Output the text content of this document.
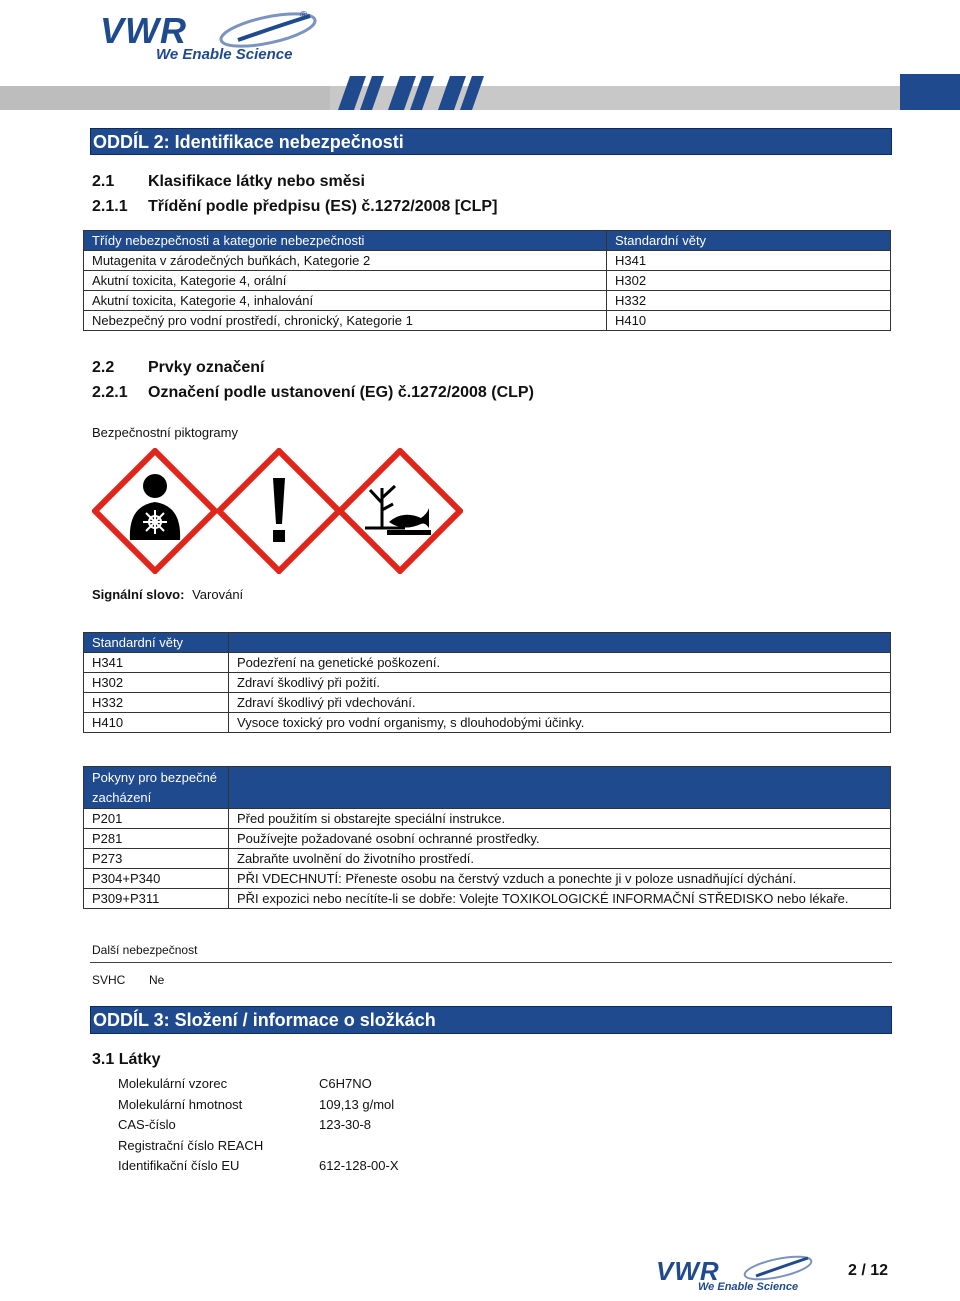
VWR	®
We Enable Science
ODDÍL 2: Identifikace nebezpečnosti
2.1 Klasifikace látky nebo směsi
2.1.1 Třídění podle předpisu (ES) č.1272/2008 [CLP]
Třídy nebezpečnosti a kategorie nebezpečnosti	Standardní věty
Mutagenita v zárodečných buňkách, Kategorie 2	H341
Akutní toxicita, Kategorie 4, orální	H302
Akutní toxicita, Kategorie 4, inhalování	H332
Nebezpečný pro vodní prostředí, chronický, Kategorie 1	H410
2.2 Prvky označení
2.2.1 Označení podle ustanovení (EG) č.1272/2008 (CLP)
Bezpečnostní piktogramy
Signální slovo: Varování
Standardní věty	
H341	Podezření na genetické poškození.
H302	Zdraví škodlivý při požití.
H332	Zdraví škodlivý při vdechování.
H410	Vysoce toxický pro vodní organismy, s dlouhodobými účinky.
Pokyny pro bezpečné
zacházení	
P201	Před použitím si obstarejte speciální instrukce.
P281	Používejte požadované osobní ochranné prostředky.
P273	Zabraňte uvolnění do životního prostředí.
P304+P340	PŘI VDECHNUTÍ: Přeneste osobu na čerstvý vzduch a ponechte ji v poloze usnadňující dýchání.
P309+P311	PŘI expozici nebo necítíte-li se dobře: Volejte TOXIKOLOGICKÉ INFORMAČNÍ STŘEDISKO nebo lékaře.
Další nebezpečnost
SVHC Ne
ODDÍL 3: Složení / informace o složkách
3.1 Látky
Molekulární vzorec	C6H7NO
Molekulární hmotnost	109,13 g/mol
CAS-číslo	123-30-8
Registrační číslo REACH
Identifikační číslo EU	612-128-00-X
VWR
We Enable Science
2 / 12
